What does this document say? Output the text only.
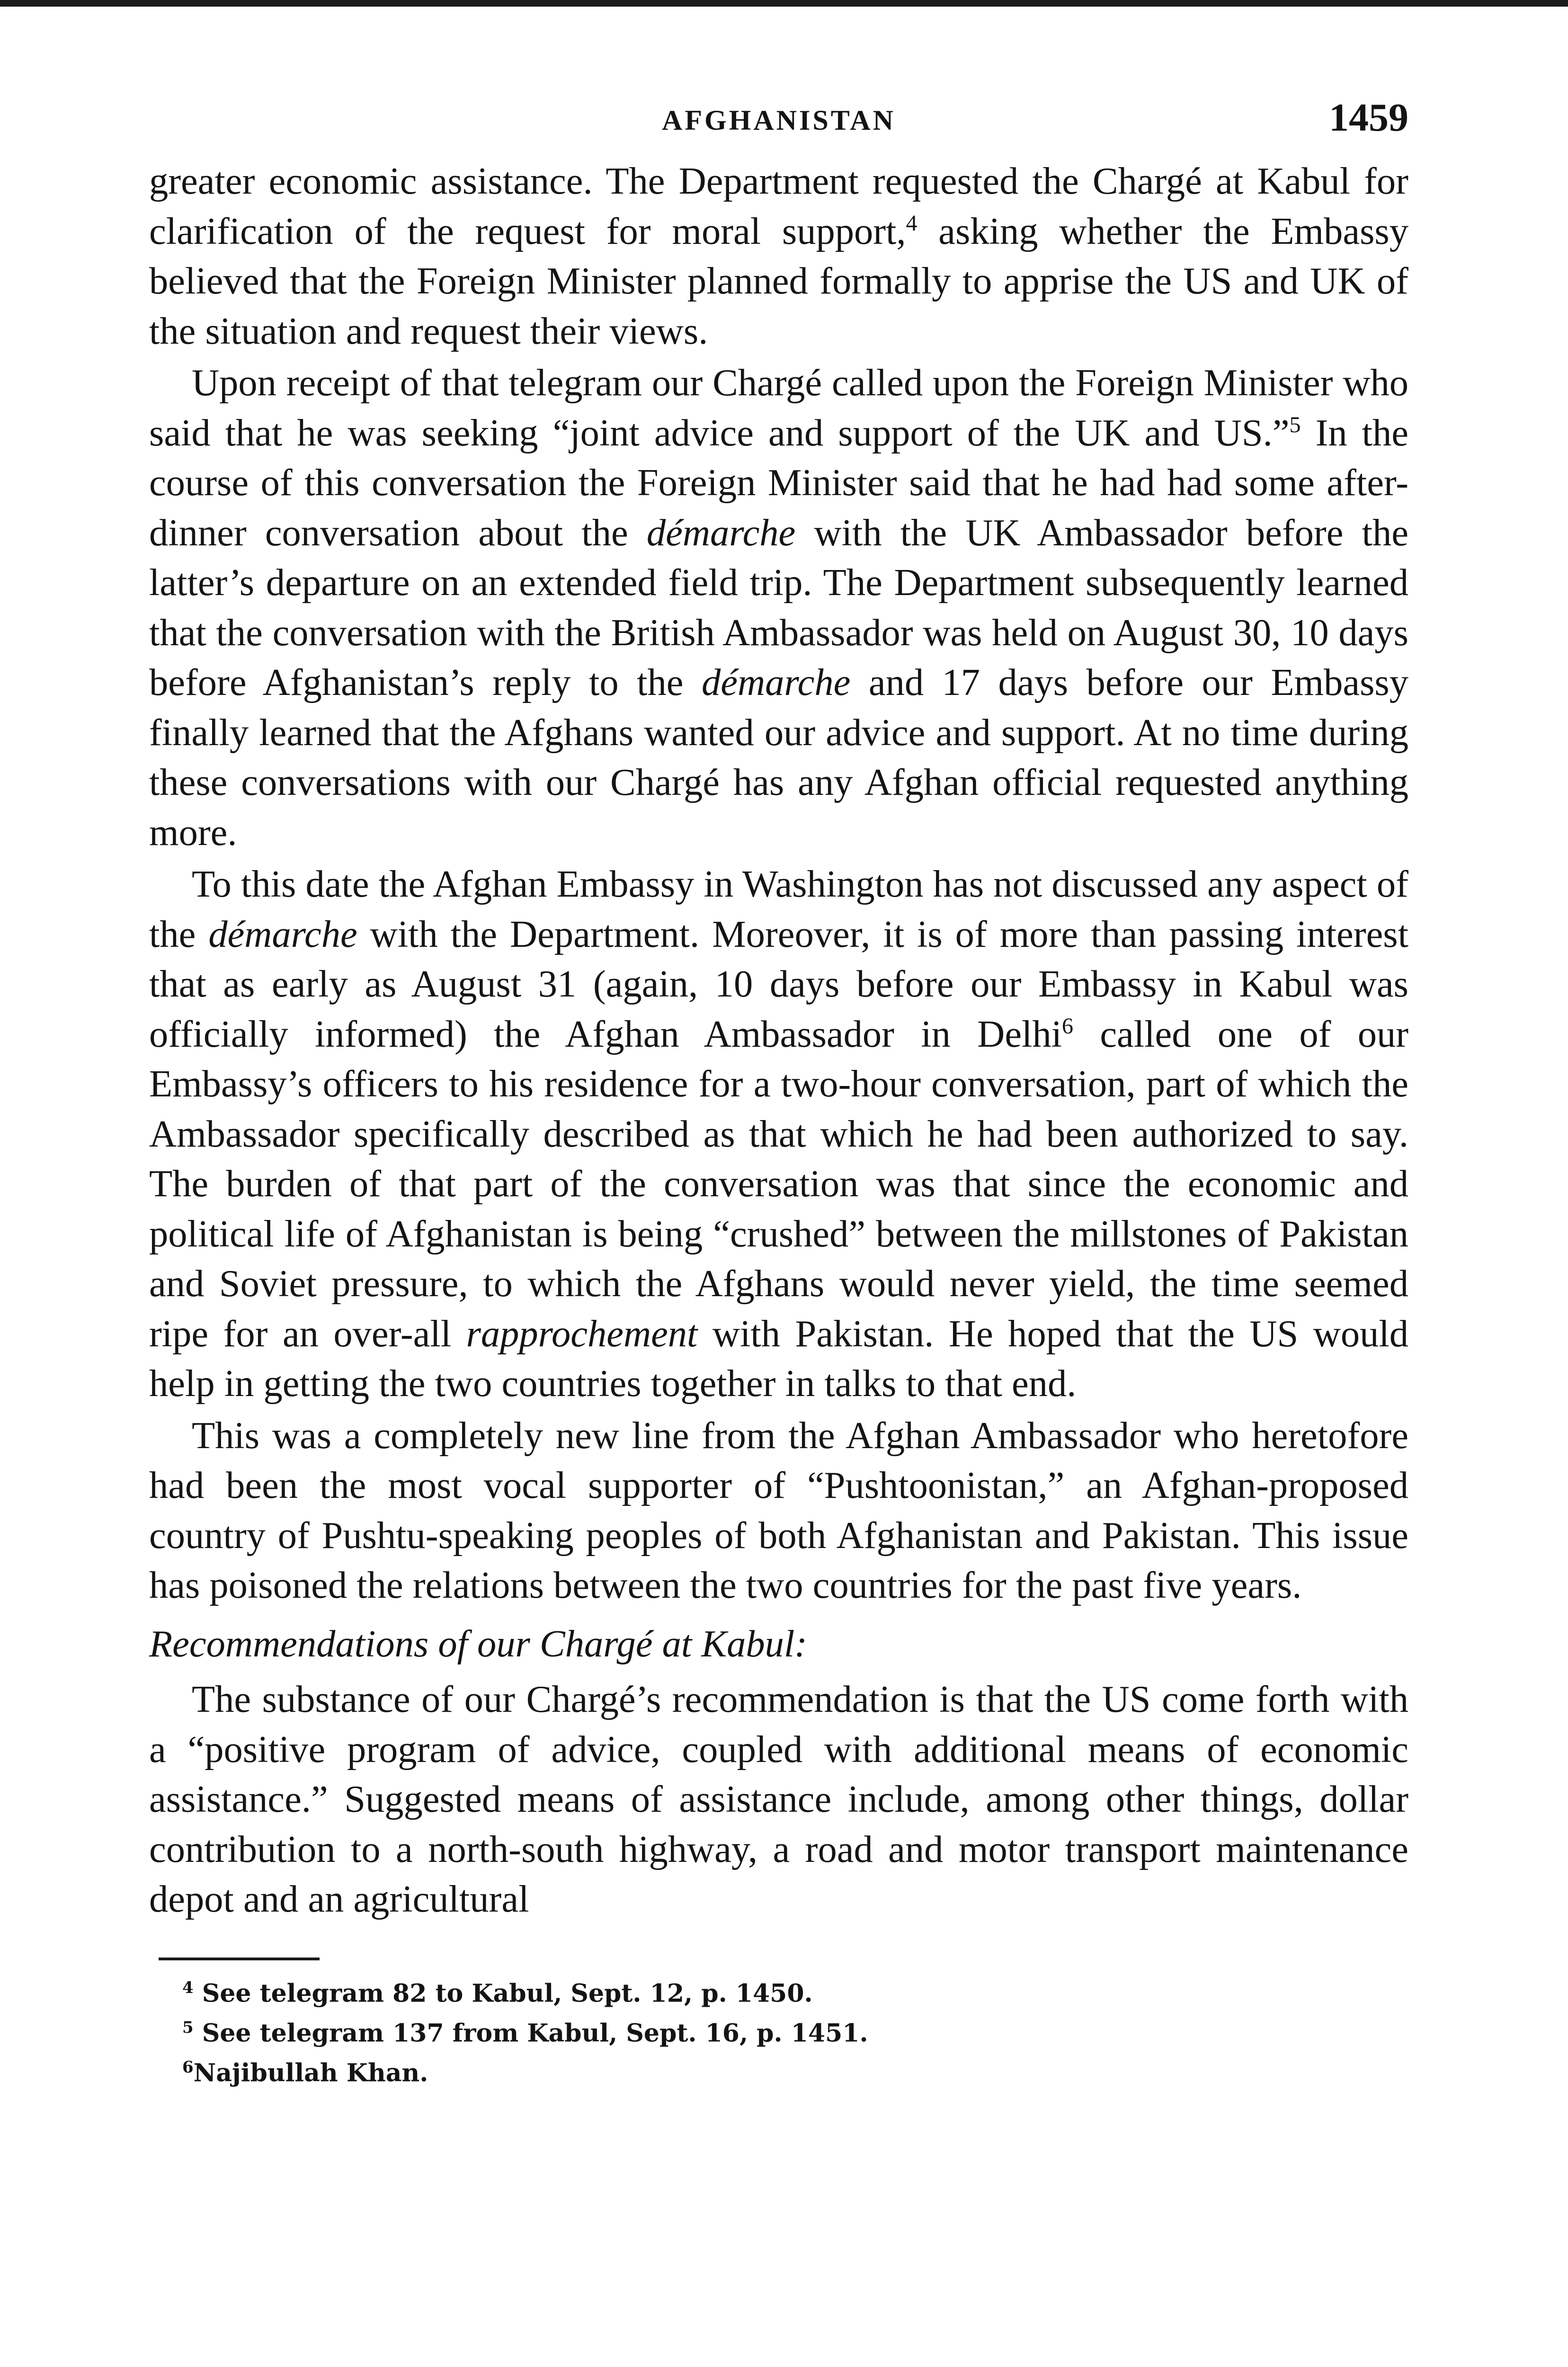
AFGHANISTAN	1459

greater economic assistance. The Department requested the Chargé at Kabul for clarification of the request for moral support,$^4$ asking whether the Embassy believed that the Foreign Minister planned formally to apprise the US and UK of the situation and request their views.

Upon receipt of that telegram our Chargé called upon the Foreign Minister who said that he was seeking “joint advice and support of the UK and US.”$^5$ In the course of this conversation the Foreign Minister said that he had had some after-dinner conversation about the démarche with the UK Ambassador before the latter’s departure on an extended field trip. The Department subsequently learned that the conversation with the British Ambassador was held on August 30, 10 days before Afghanistan’s reply to the démarche and 17 days before our Embassy finally learned that the Afghans wanted our advice and support. At no time during these conversations with our Chargé has any Afghan official requested anything more.

To this date the Afghan Embassy in Washington has not discussed any aspect of the démarche with the Department. Moreover, it is of more than passing interest that as early as August 31 (again, 10 days before our Embassy in Kabul was officially informed) the Afghan Ambassador in Delhi$^6$ called one of our Embassy’s officers to his residence for a two-hour conversation, part of which the Ambassador specifically described as that which he had been authorized to say. The burden of that part of the conversation was that since the economic and political life of Afghanistan is being “crushed” between the millstones of Pakistan and Soviet pressure, to which the Afghans would never yield, the time seemed ripe for an over-all rapprochement with Pakistan. He hoped that the US would help in getting the two countries together in talks to that end.

This was a completely new line from the Afghan Ambassador who heretofore had been the most vocal supporter of “Pushtoonistan,” an Afghan-proposed country of Pushtu-speaking peoples of both Afghanistan and Pakistan. This issue has poisoned the relations between the two countries for the past five years.

Recommendations of our Chargé at Kabul:

The substance of our Chargé’s recommendation is that the US come forth with a “positive program of advice, coupled with additional means of economic assistance.” Suggested means of assistance include, among other things, dollar contribution to a north-south highway, a road and motor transport maintenance depot and an agricultural

$^4$ See telegram 82 to Kabul, Sept. 12, p. 1450.

$^5$ See telegram 137 from Kabul, Sept. 16, p. 1451.

$^6$Najibullah Khan.
